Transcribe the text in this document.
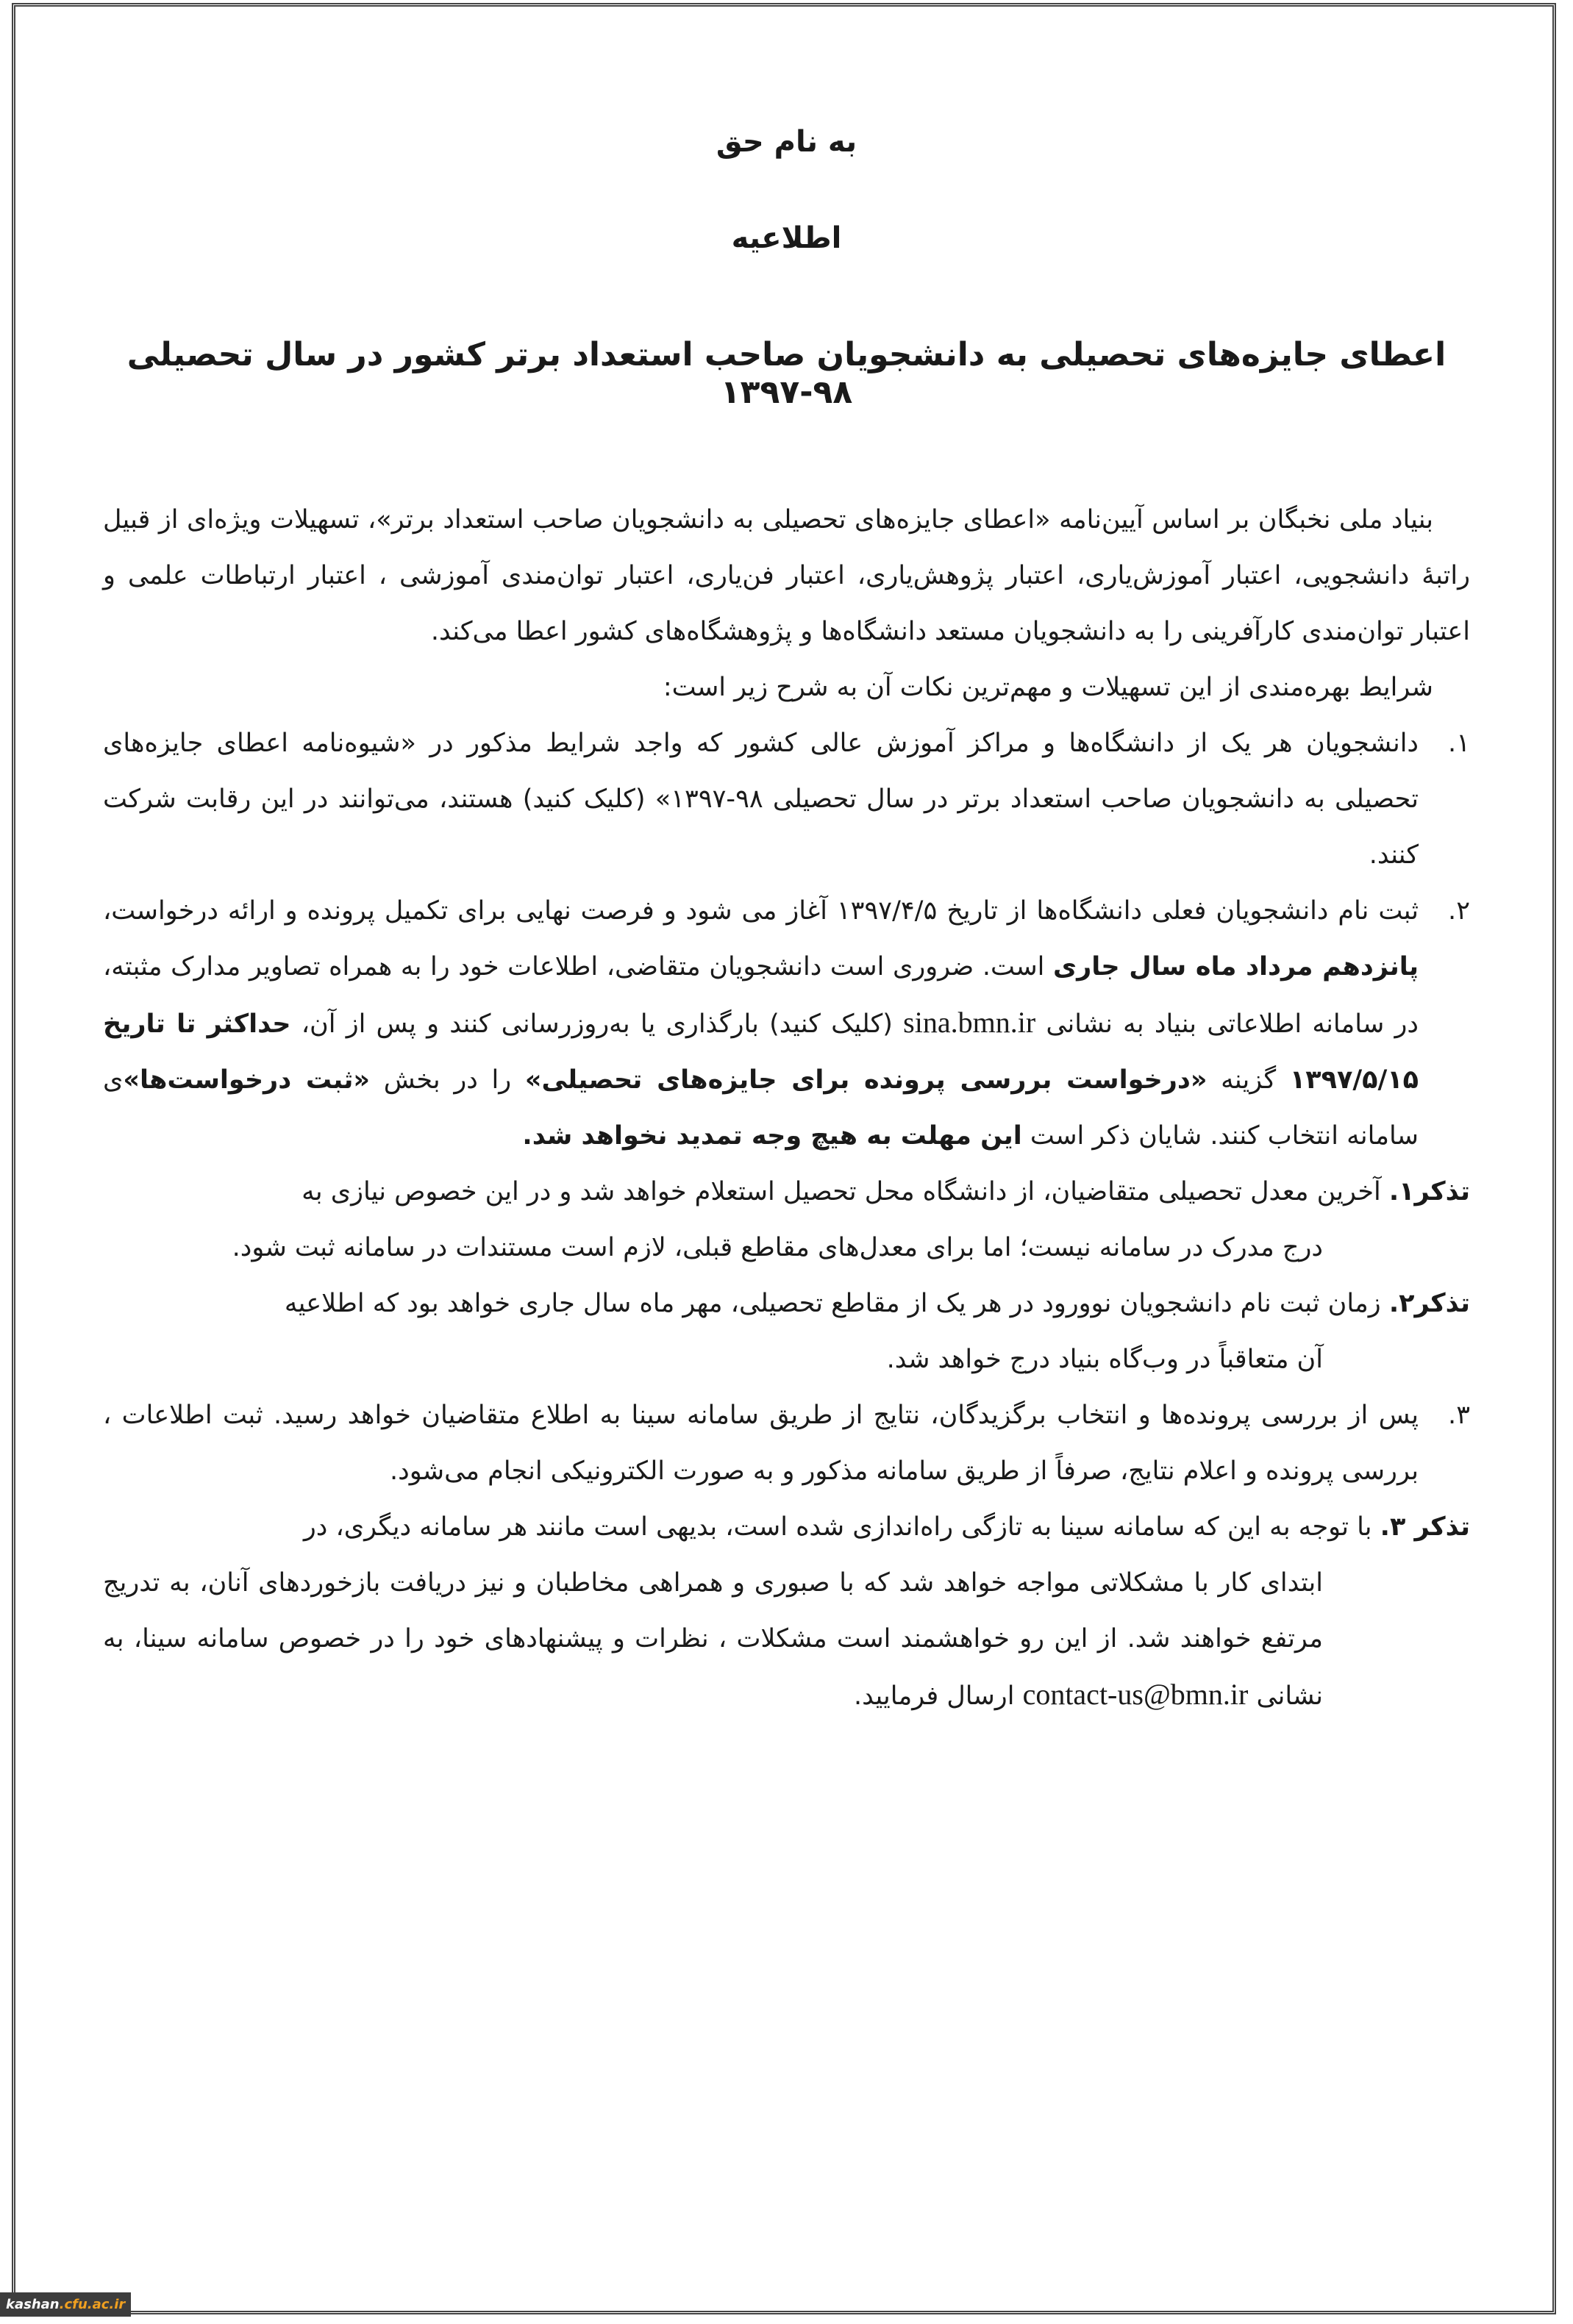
به نام حق
اطلاعیه
اعطای جایزه‌های تحصیلی به دانشجویان صاحب استعداد برتر کشور در سال تحصیلی ۹۸-۱۳۹۷

بنیاد ملی نخبگان بر اساس آیین‌نامه «اعطای جایزه‌های تحصیلی به دانشجویان صاحب استعداد برتر»، تسهیلات ویژه‌ای از قبیل راتبهٔ دانشجویی، اعتبار آموزش‌یاری، اعتبار پژوهش‌یاری، اعتبار فن‌یاری، اعتبار توان‌مندی آموزشی ، اعتبار ارتباطات علمی و اعتبار توان‌مندی کارآفرینی را به دانشجویان مستعد دانشگاه‌ها و پژوهشگاه‌های کشور اعطا می‌کند.

شرایط بهره‌مندی از این تسهیلات و مهم‌ترین نکات آن به شرح زیر است:

۱.
دانشجویان هر یک از دانشگاه‌ها و مراکز آموزش عالی کشور که واجد شرایط مذکور در «شیوه‌نامه اعطای جایزه‌های تحصیلی به دانشجویان صاحب استعداد برتر در سال تحصیلی ۹۸-۱۳۹۷» (کلیک کنید) هستند، می‌توانند در این رقابت شرکت کنند.
۲.
ثبت نام دانشجویان فعلی دانشگاه‌ها از تاریخ ۱۳۹۷/۴/۵ آغاز می شود و فرصت نهایی برای تکمیل پرونده و ارائه درخواست، پانزدهم مرداد ماه سال جاری است. ضروری است دانشجویان متقاضی، اطلاعات خود را به همراه تصاویر مدارک مثبته، در سامانه اطلاعاتی بنیاد به نشانی sina.bmn.ir (کلیک کنید) بارگذاری یا به‌روزرسانی کنند و پس از آن، حداکثر تا تاریخ ۱۳۹۷/۵/۱۵ گزینه «درخواست بررسی پرونده برای جایزه‌های تحصیلی» را در بخش «ثبت درخواست‌ها»ی سامانه انتخاب کنند. شایان ذکر است این مهلت به هیچ وجه تمدید نخواهد شد.

تذکر۱. آخرین معدل تحصیلی متقاضیان، از دانشگاه محل تحصیل استعلام خواهد شد و در این خصوص نیازی به

درج مدرک در سامانه نیست؛ اما برای معدل‌های مقاطع قبلی، لازم است مستندات در سامانه ثبت شود.

تذکر۲. زمان ثبت نام دانشجویان نوورود در هر یک از مقاطع تحصیلی، مهر ماه سال جاری خواهد بود که اطلاعیه

آن متعاقباً در وب‌گاه بنیاد درج خواهد شد.

۳.
پس از بررسی پرونده‌ها و انتخاب برگزیدگان، نتایج از طریق سامانه سینا به اطلاع متقاضیان خواهد رسید. ثبت اطلاعات ، بررسی پرونده و اعلام نتایج، صرفاً از طریق سامانه مذکور و به صورت الکترونیکی انجام می‌شود.

تذکر ۳. با توجه به این که سامانه سینا به تازگی راه‌اندازی شده است، بدیهی است مانند هر سامانه دیگری، در

ابتدای کار با مشکلاتی مواجه خواهد شد که با صبوری و همراهی مخاطبان و نیز دریافت بازخوردهای آنان، به تدریج مرتفع خواهند شد. از این رو خواهشمند است مشکلات ، نظرات و پیشنهادهای خود را در خصوص سامانه سینا، به نشانی contact-us@bmn.ir ارسال فرمایید.

kashan.cfu.ac.ir
